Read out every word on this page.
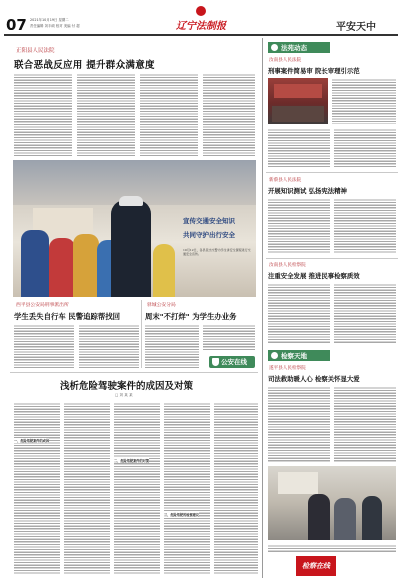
07 2021年10月19日 星期二
责任编辑 刘丰硕 校对 美编 付 超	辽宁法制报	平安天中
正阳县人民法院
联合恶战反应用 提升群众满意度
宣传交通安全知识
共同守护出行安全
10月12日，各县派出交警为学生讲安全课程进行交通安全宣传。
西平县公安局刑事派出所
学生丢失自行车 民警追踪帮找回
驿城公安分局
周末"不打烊" 为学生办业务
公安在线
浅析危险驾驶案件的成因及对策
□ 刘 某 某
一、危险驾驶案件的成因
二、危险驾驶案件的对策
三、危险驾驶的检察建议
法苑动态
汝南县人民法院
刑事案件简易审 院长审理引示范
新蔡县人民法院
开展知识测试 弘扬宪法精神
汝南县人民检察院
注重安全发展 推进民事检察质效
检察天地
遂平县人民检察院
司法救助暖人心 检察关怀显大爱
检察在线
